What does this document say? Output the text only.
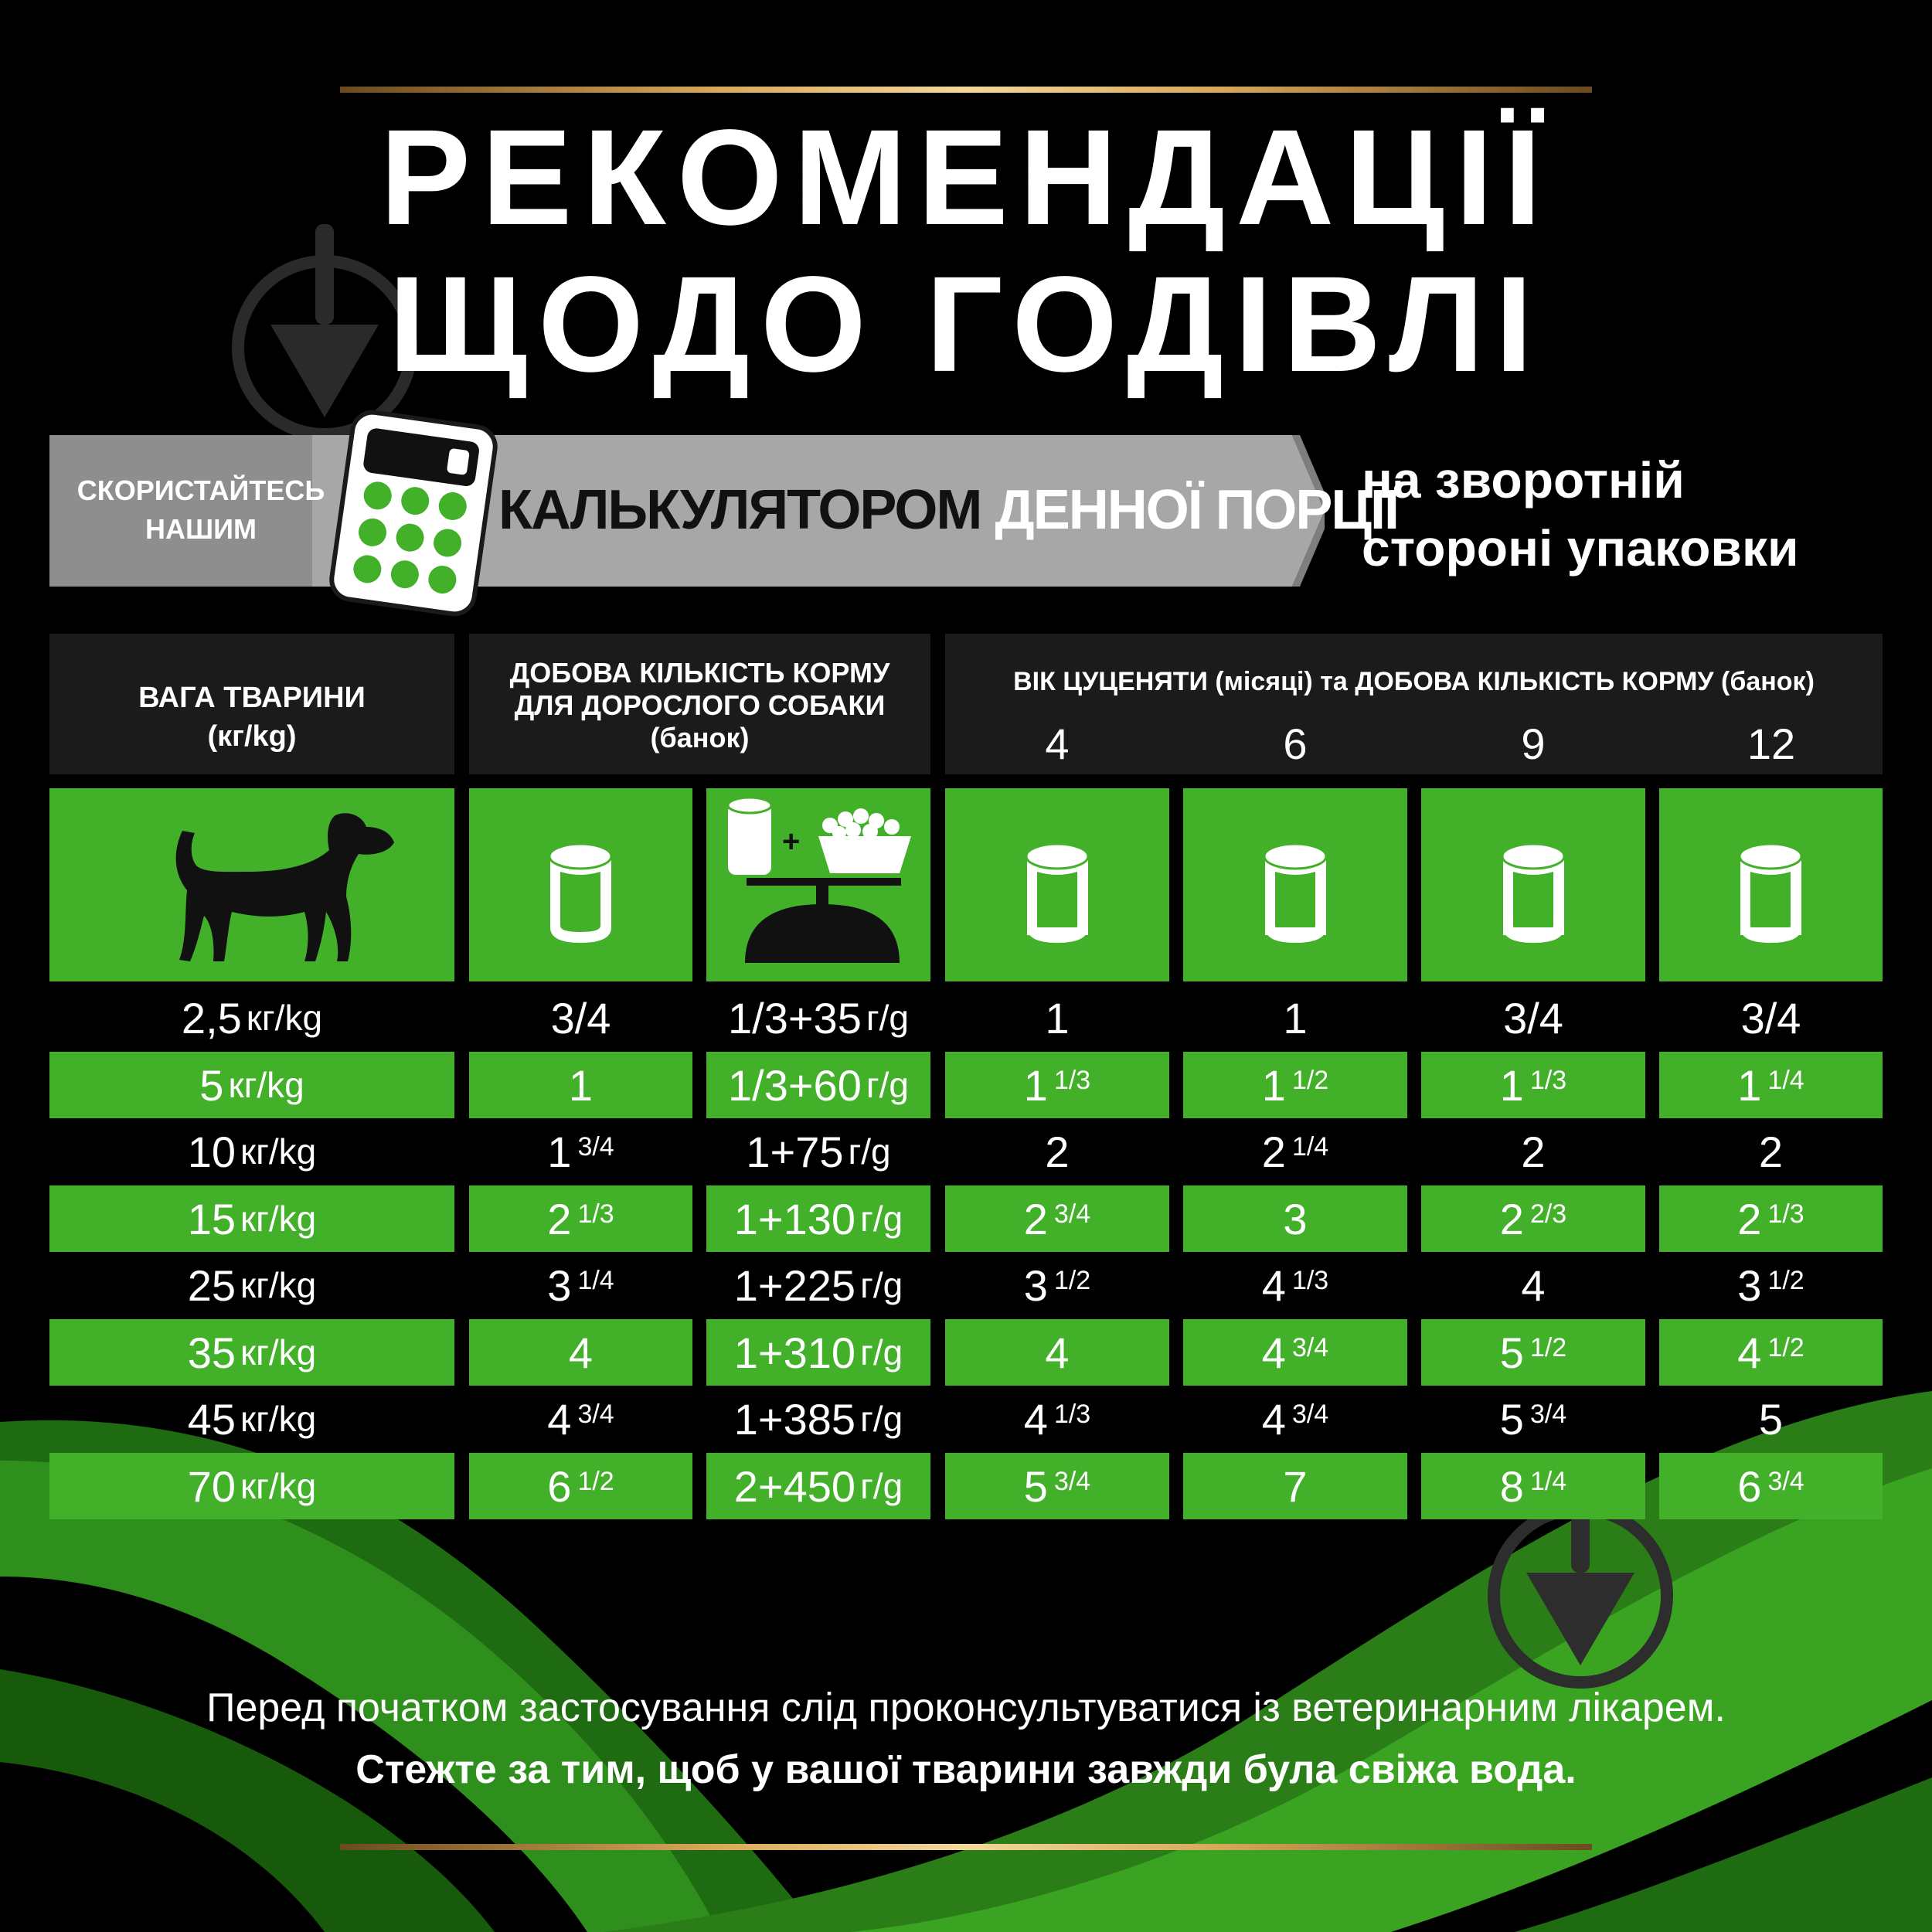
РЕКОМЕНДАЦІЇ
ЩОДО ГОДІВЛІ
СКОРИСТАЙТЕСЬ
НАШИМ	КАЛЬКУЛЯТОРОМ ДЕННОЇ ПОРЦІЇ
на зворотній
стороні упаковки
ВАГА ТВАРИНИ
(кг/kg)
ДОБОВА КІЛЬКІСТЬ КОРМУ
ДЛЯ ДОРОСЛОГО СОБАКИ
(банок)
ВІК ЦУЦЕНЯТИ (місяці) та ДОБОВА КІЛЬКІСТЬ КОРМУ (банок)
4	6	9	12
+
2,5 кг/kg	3/4	1/3+35 г/g	1	1	3/4	3/4
5 кг/kg	1	1/3+60 г/g	$1^{1/3}$	$1^{1/2}$	$1^{1/3}$	$1^{1/4}$
10 кг/kg	$1^{3/4}$	1+75 г/g	2	$2^{1/4}$	2	2
15 кг/kg	$2^{1/3}$	1+130 г/g	$2^{3/4}$	3	$2^{2/3}$	$2^{1/3}$
25 кг/kg	$3^{1/4}$	1+225 г/g	$3^{1/2}$	$4^{1/3}$	4	$3^{1/2}$
35 кг/kg	4	1+310 г/g	4	$4^{3/4}$	$5^{1/2}$	$4^{1/2}$
45 кг/kg	$4^{3/4}$	1+385 г/g	$4^{1/3}$	$4^{3/4}$	$5^{3/4}$	5
70 кг/kg	$6^{1/2}$	2+450 г/g	$5^{3/4}$	7	$8^{1/4}$	$6^{3/4}$
Перед початком застосування слід проконсультуватися із ветеринарним лікарем.
Стежте за тим, щоб у вашої тварини завжди була свіжа вода.
